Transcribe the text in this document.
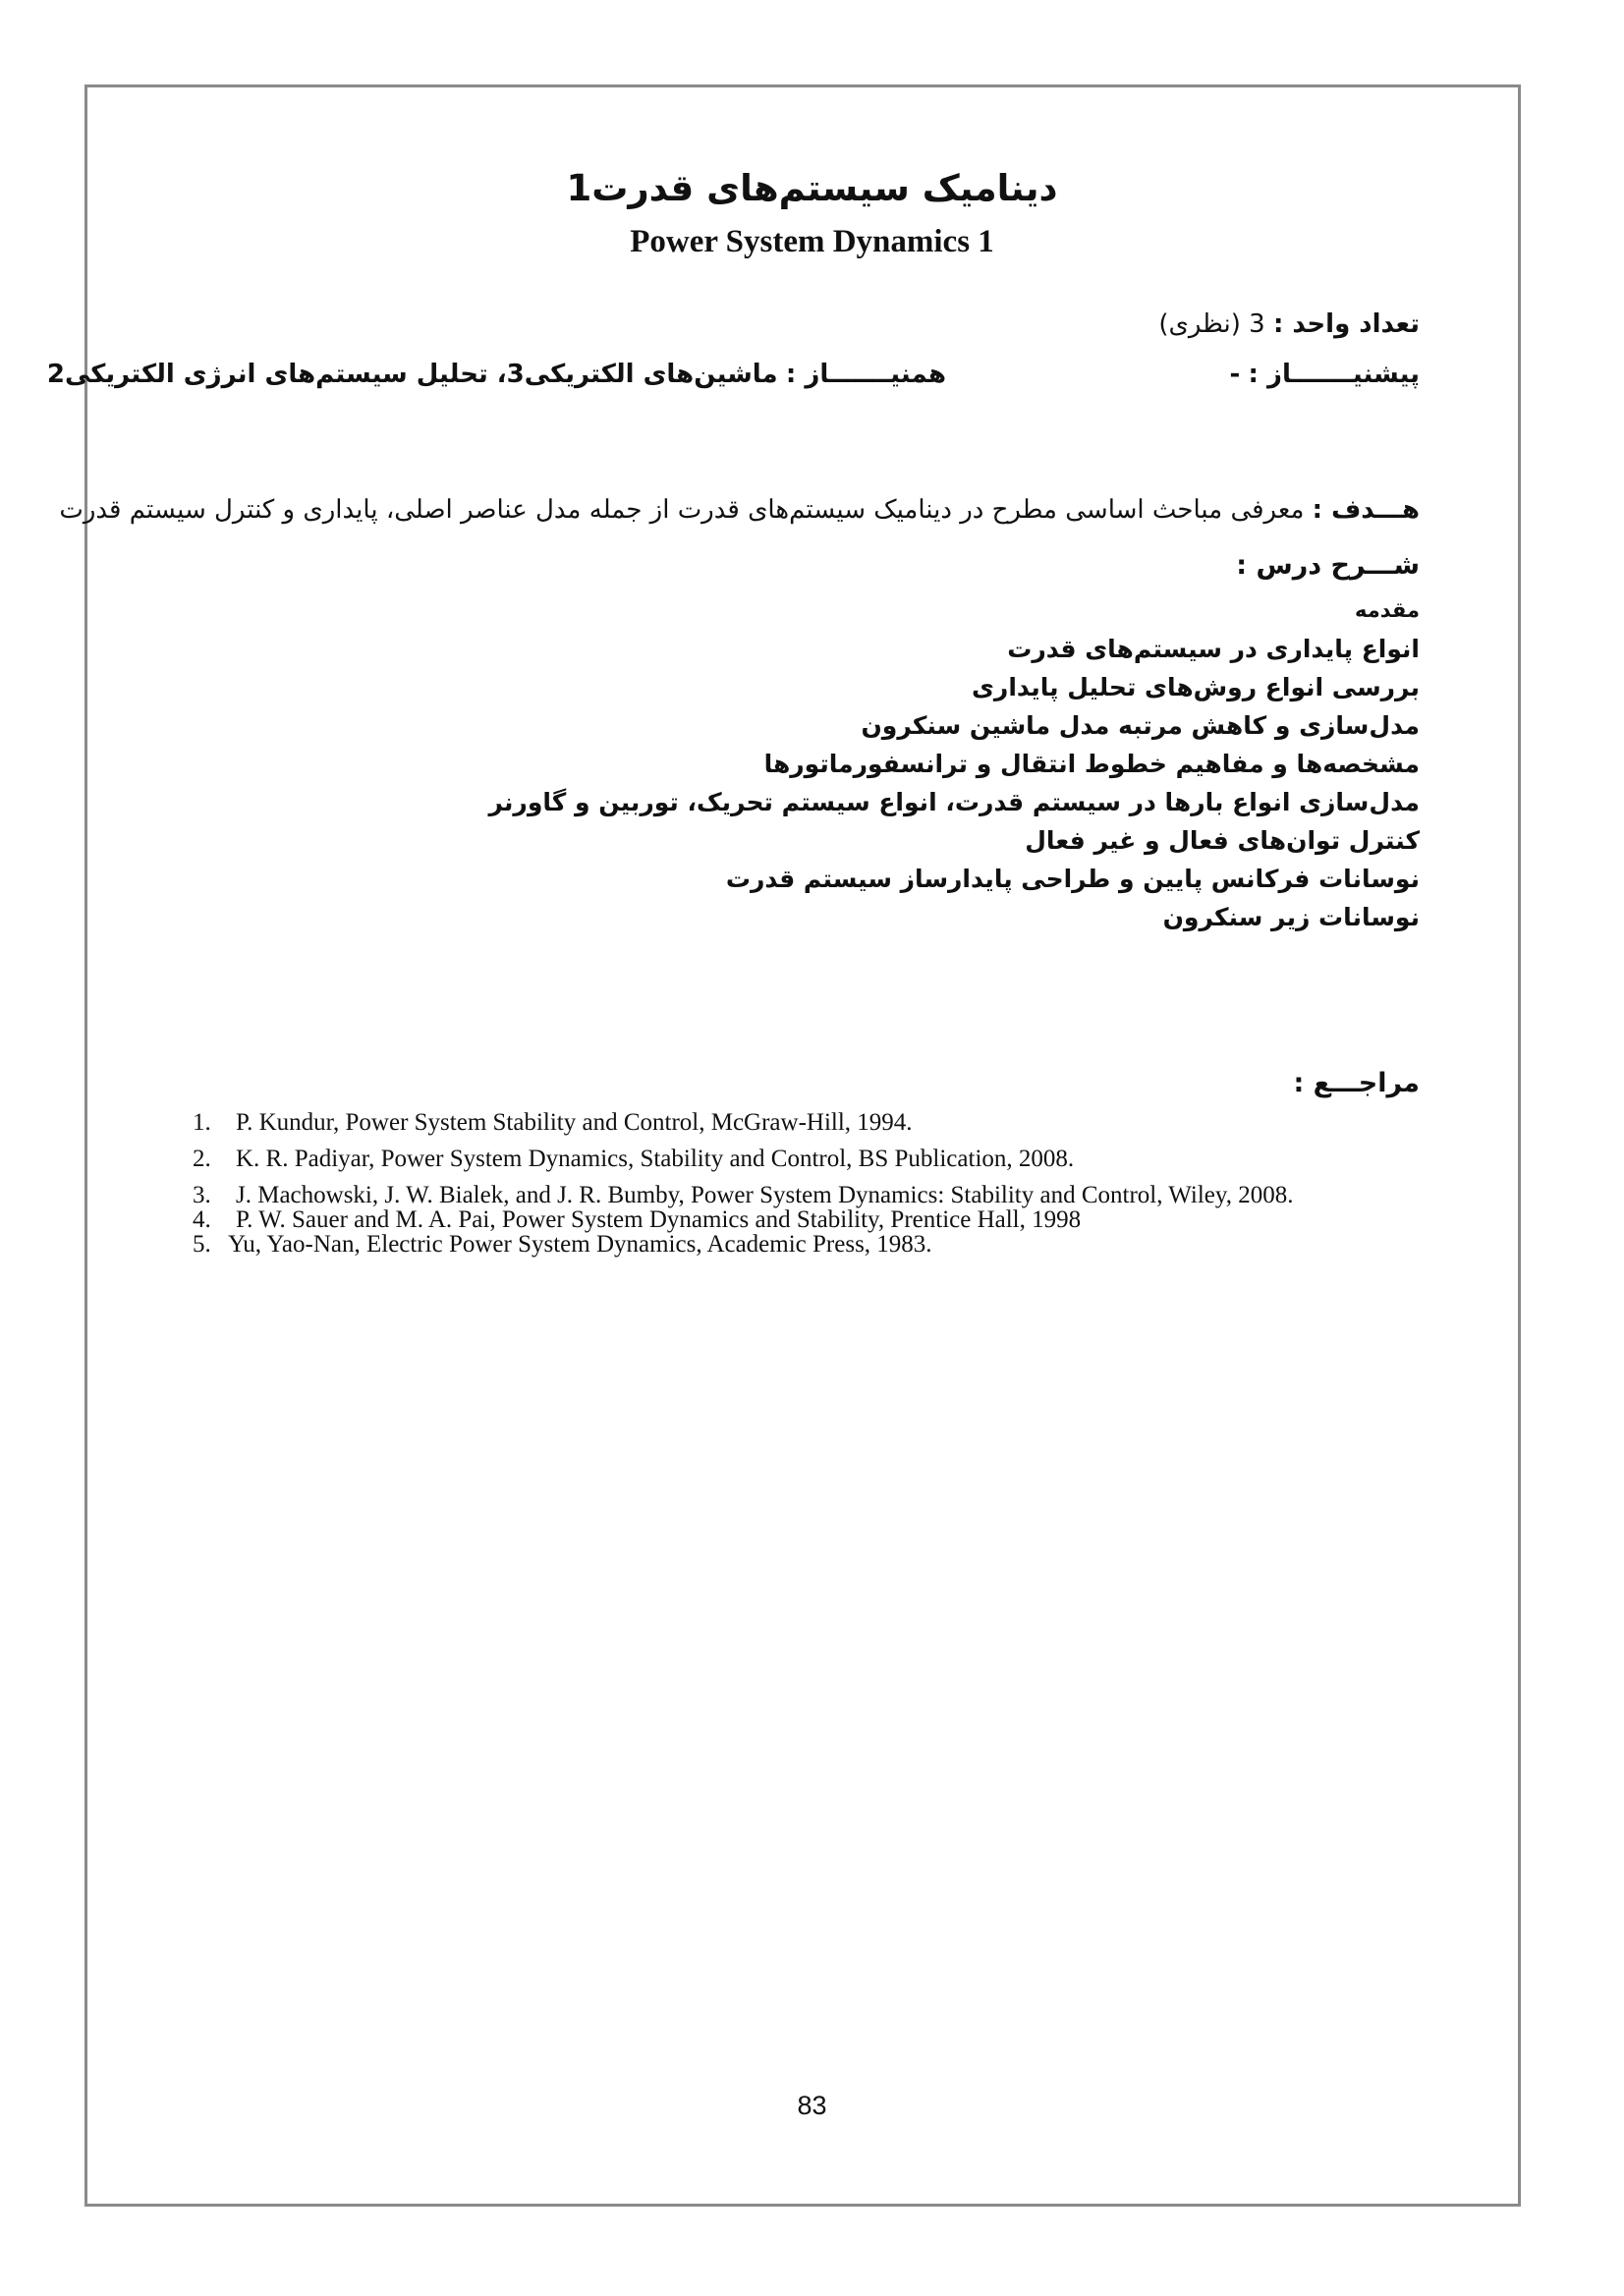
دینامیک سیستم‌های قدرت1
Power System Dynamics 1
تعداد واحد : 3 (نظری)
پیشنیـــــــاز : -
همنیـــــــاز : ماشین‌های الکتریکی3، تحلیل سیستم‌های انرژی الکتریکی2
هـــدف : معرفی مباحث اساسی مطرح در دینامیک سیستم‌های قدرت از جمله مدل عناصر اصلی، پایداری و کنترل سیستم قدرت
شـــرح درس :
مقدمه
انواع پایداری در سیستم‌های قدرت
بررسی انواع روش‌های تحلیل پایداری
مدل‌سازی و کاهش مرتبه مدل ماشین سنکرون
مشخصه‌ها و مفاهیم خطوط انتقال و ترانسفورماتورها
مدل‌سازی انواع بارها در سیستم قدرت، انواع سیستم تحریک، توربین و گاورنر
کنترل توان‌های فعال و غیر فعال
نوسانات فرکانس پایین و طراحی پایدارساز سیستم قدرت
نوسانات زیر سنکرون
مراجـــع :
1. P. Kundur, Power System Stability and Control, McGraw-Hill, 1994.
2. K. R. Padiyar, Power System Dynamics, Stability and Control, BS Publication, 2008.
3. J. Machowski, J. W. Bialek, and J. R. Bumby, Power System Dynamics: Stability and Control, Wiley, 2008.
4. P. W. Sauer and M. A. Pai, Power System Dynamics and Stability, Prentice Hall, 1998
5. Yu, Yao-Nan, Electric Power System Dynamics, Academic Press, 1983.
83
